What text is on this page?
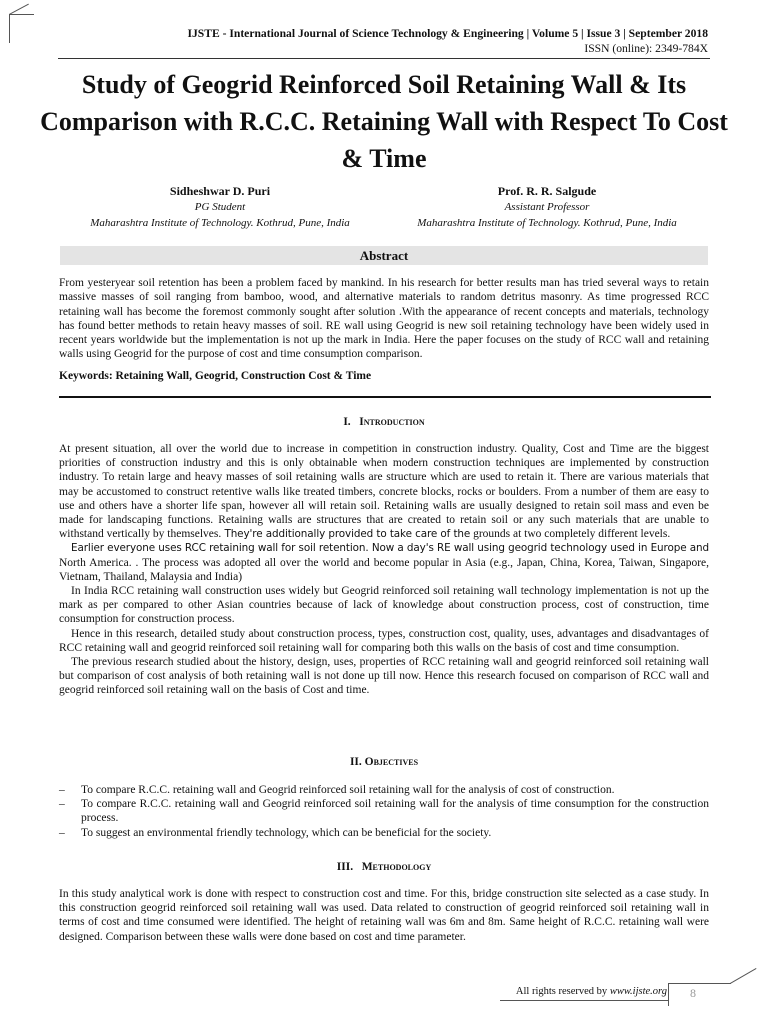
IJSTE - International Journal of Science Technology & Engineering | Volume 5 | Issue 3 | September 2018
ISSN (online): 2349-784X
Study of Geogrid Reinforced Soil Retaining Wall & Its Comparison with R.C.C. Retaining Wall with Respect To Cost & Time
Sidheshwar D. Puri
PG Student
Maharashtra Institute of Technology. Kothrud, Pune, India
Prof. R. R. Salgude
Assistant Professor
Maharashtra Institute of Technology. Kothrud, Pune, India
Abstract
From yesteryear soil retention has been a problem faced by mankind. In his research for better results man has tried several ways to retain massive masses of soil ranging from bamboo, wood, and alternative materials to random detritus masonry. As time progressed RCC retaining wall has become the foremost commonly sought after solution .With the appearance of recent concepts and materials, technology has found better methods to retain heavy masses of soil. RE wall using Geogrid is new soil retaining technology have been widely used in recent years worldwide but the implementation is not up the mark in India. Here the paper focuses on the study of RCC wall and retaining walls using Geogrid for the purpose of cost and time consumption comparison.
Keywords: Retaining Wall, Geogrid, Construction Cost & Time
I. Introduction

At present situation, all over the world due to increase in competition in construction industry. Quality, Cost and Time are the biggest priorities of construction industry and this is only obtainable when modern construction techniques are implemented by construction industry. To retain large and heavy masses of soil retaining walls are structure which are used to retain it. There are various materials that may be accustomed to construct retentive walls like treated timbers, concrete blocks, rocks or boulders. From a number of them are easy to use and others have a shorter life span, however all will retain soil. Retaining walls are usually designed to retain soil mass and even be made for landscaping functions. Retaining walls are structures that are created to retain soil or any such materials that are unable to withstand vertically by themselves. They're additionally provided to take care of the grounds at two completely different levels.

Earlier everyone uses RCC retaining wall for soil retention. Now a day's RE wall using geogrid technology used in Europe and North America. . The process was adopted all over the world and become popular in Asia (e.g., Japan, China, Korea, Taiwan, Singapore, Vietnam, Thailand, Malaysia and India)

In India RCC retaining wall construction uses widely but Geogrid reinforced soil retaining wall technology implementation is not up the mark as per compared to other Asian countries because of lack of knowledge about construction process, cost of construction, time consumption for construction process.

Hence in this research, detailed study about construction process, types, construction cost, quality, uses, advantages and disadvantages of RCC retaining wall and geogrid reinforced soil retaining wall for comparing both this walls on the basis of cost and time consumption.

The previous research studied about the history, design, uses, properties of RCC retaining wall and geogrid reinforced soil retaining wall but comparison of cost analysis of both retaining wall is not done up till now. Hence this research focused on comparison of RCC wall and geogrid reinforced soil retaining wall on the basis of Cost and time.

II. Objectives
–	To compare R.C.C. retaining wall and Geogrid reinforced soil retaining wall for the analysis of cost of construction.
–	To compare R.C.C. retaining wall and Geogrid reinforced soil retaining wall for the analysis of time consumption for the construction process.
–	To suggest an environmental friendly technology, which can be beneficial for the society.
III. Methodology

In this study analytical work is done with respect to construction cost and time. For this, bridge construction site selected as a case study. In this construction geogrid reinforced soil retaining wall was used. Data related to construction of geogrid reinforced soil retaining wall in terms of cost and time consumed were identified. The height of retaining wall was 6m and 8m. Same height of R.C.C. retaining wall were designed. Comparison between these walls were done based on cost and time parameter.

All rights reserved by www.ijste.org 8
